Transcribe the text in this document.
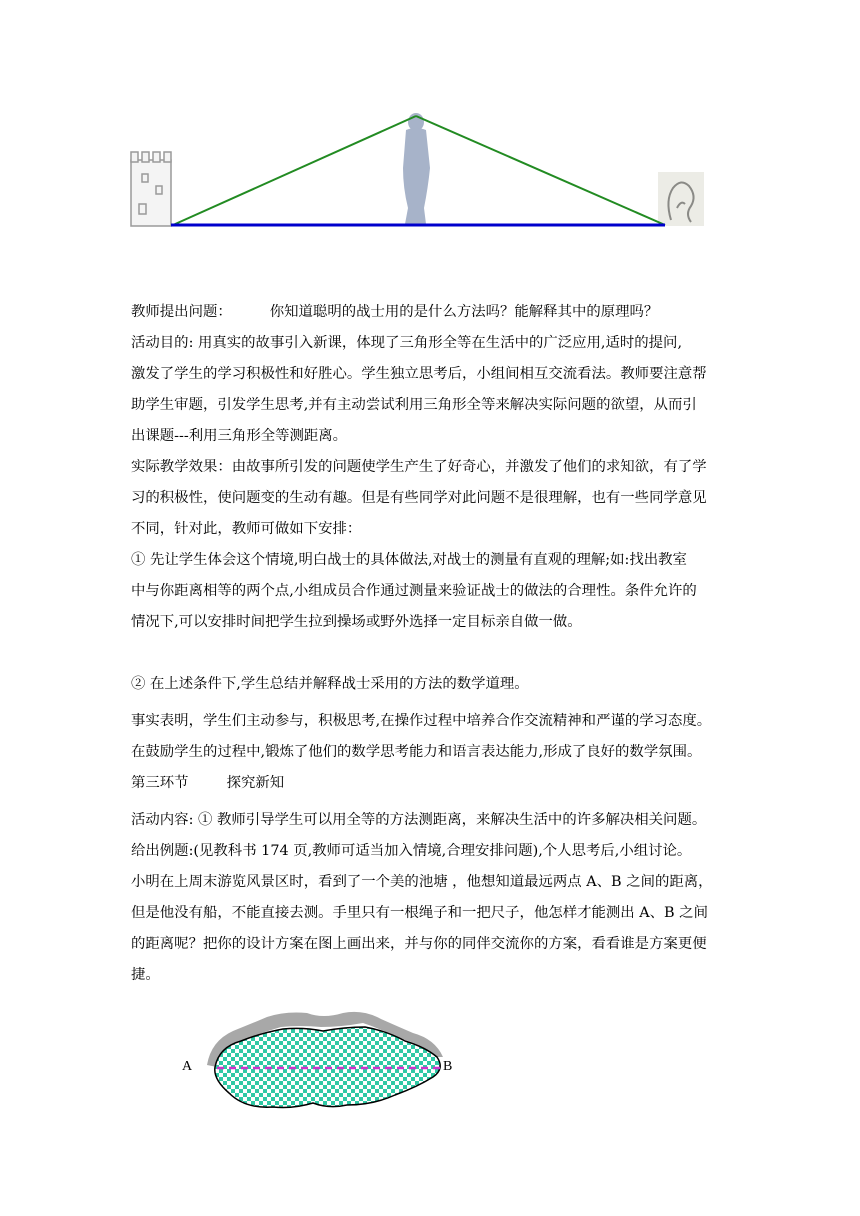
教师提出问题：	你知道聪明的战士用的是什么方法吗？能解释其中的原理吗？

活动目的: 用真实的故事引入新课，体现了三角形全等在生活中的广泛应用,适时的提问,
激发了学生的学习积极性和好胜心。学生独立思考后，小组间相互交流看法。教师要注意帮
助学生审题，引发学生思考,并有主动尝试利用三角形全等来解决实际问题的欲望，从而引
出课题---利用三角形全等测距离。

实际教学效果：由故事所引发的问题使学生产生了好奇心，并激发了他们的求知欲，有了学
习的积极性，使问题变的生动有趣。但是有些同学对此问题不是很理解，也有一些同学意见
不同，针对此，教师可做如下安排：

① 先让学生体会这个情境,明白战士的具体做法,对战士的测量有直观的理解;如:找出教室
中与你距离相等的两个点,小组成员合作通过测量来验证战士的做法的合理性。条件允许的
情况下,可以安排时间把学生拉到操场或野外选择一定目标亲自做一做。

② 在上述条件下,学生总结并解释战士采用的方法的数学道理。

事实表明，学生们主动参与，积极思考,在操作过程中培养合作交流精神和严谨的学习态度。
在鼓励学生的过程中,锻炼了他们的数学思考能力和语言表达能力,形成了良好的数学氛围。

第三环节	探究新知

活动内容: ① 教师引导学生可以用全等的方法测距离，来解决生活中的许多解决相关问题。
给出例题:(见教科书 174 页,教师可适当加入情境,合理安排问题),个人思考后,小组讨论。
小明在上周末游览风景区时，看到了一个美的池塘 ，他想知道最远两点 A、B 之间的距离，
但是他没有船，不能直接去测。手里只有一根绳子和一把尺子，他怎样才能测出 A、B 之间
的距离呢？把你的设计方案在图上画出来，并与你的同伴交流你的方案，看看谁是方案更便
捷。

A	B
